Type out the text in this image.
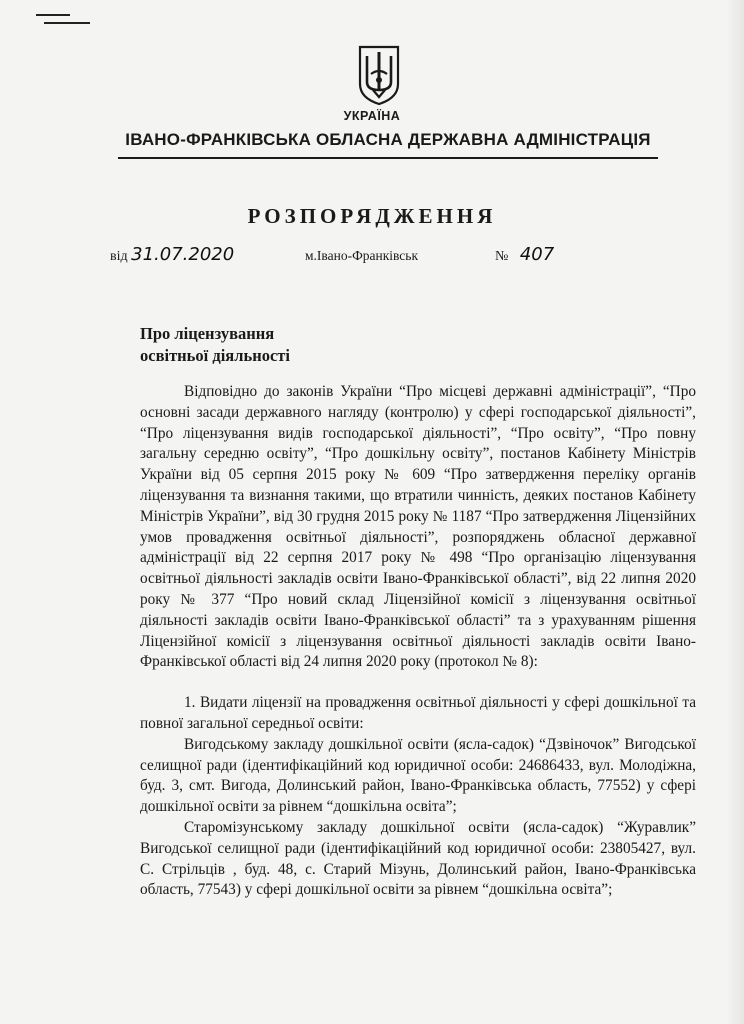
УКРАЇНА
ІВАНО-ФРАНКІВСЬКА ОБЛАСНА ДЕРЖАВНА АДМІНІСТРАЦІЯ
РОЗПОРЯДЖЕННЯ
від 31.07.2020	м.Івано-Франківськ	№ 407
Про ліцензування
освітньої діяльності

Відповідно до законів України “Про місцеві державні адміністрації”, “Про основні засади державного нагляду (контролю) у сфері господарської діяльності”, “Про ліцензування видів господарської діяльності”, “Про освіту”, “Про повну загальну середню освіту”, “Про дошкільну освіту”, постанов Кабінету Міністрів України від 05 серпня 2015 року № 609 “Про затвердження переліку органів ліцензування та визнання такими, що втратили чинність, деяких постанов Кабінету Міністрів України”, від 30 грудня 2015 року № 1187 “Про затвердження Ліцензійних умов провадження освітньої діяльності”, розпоряджень обласної державної адміністрації від 22 серпня 2017 року № 498 “Про організацію ліцензування освітньої діяльності закладів освіти Івано-Франківської області”, від 22 липня 2020 року № 377 “Про новий склад Ліцензійної комісії з ліцензування освітньої діяльності закладів освіти Івано-Франківської області” та з урахуванням рішення Ліцензійної комісії з ліцензування освітньої діяльності закладів освіти Івано-Франківської області від 24 липня 2020 року (протокол № 8):

1. Видати ліцензії на провадження освітньої діяльності у сфері дошкільної та повної загальної середньої освіти:

Вигодському закладу дошкільної освіти (ясла-садок) “Дзвіночок” Вигодської селищної ради (ідентифікаційний код юридичної особи: 24686433, вул. Молодіжна, буд. 3, смт. Вигода, Долинський район, Івано-Франківська область, 77552) у сфері дошкільної освіти за рівнем “дошкільна освіта”;

Старомізунському закладу дошкільної освіти (ясла-садок) “Журавлик” Вигодської селищної ради (ідентифікаційний код юридичної особи: 23805427, вул. С. Стрільців , буд. 48, с. Старий Мізунь, Долинський район, Івано-Франківська область, 77543) у сфері дошкільної освіти за рівнем “дошкільна освіта”;
